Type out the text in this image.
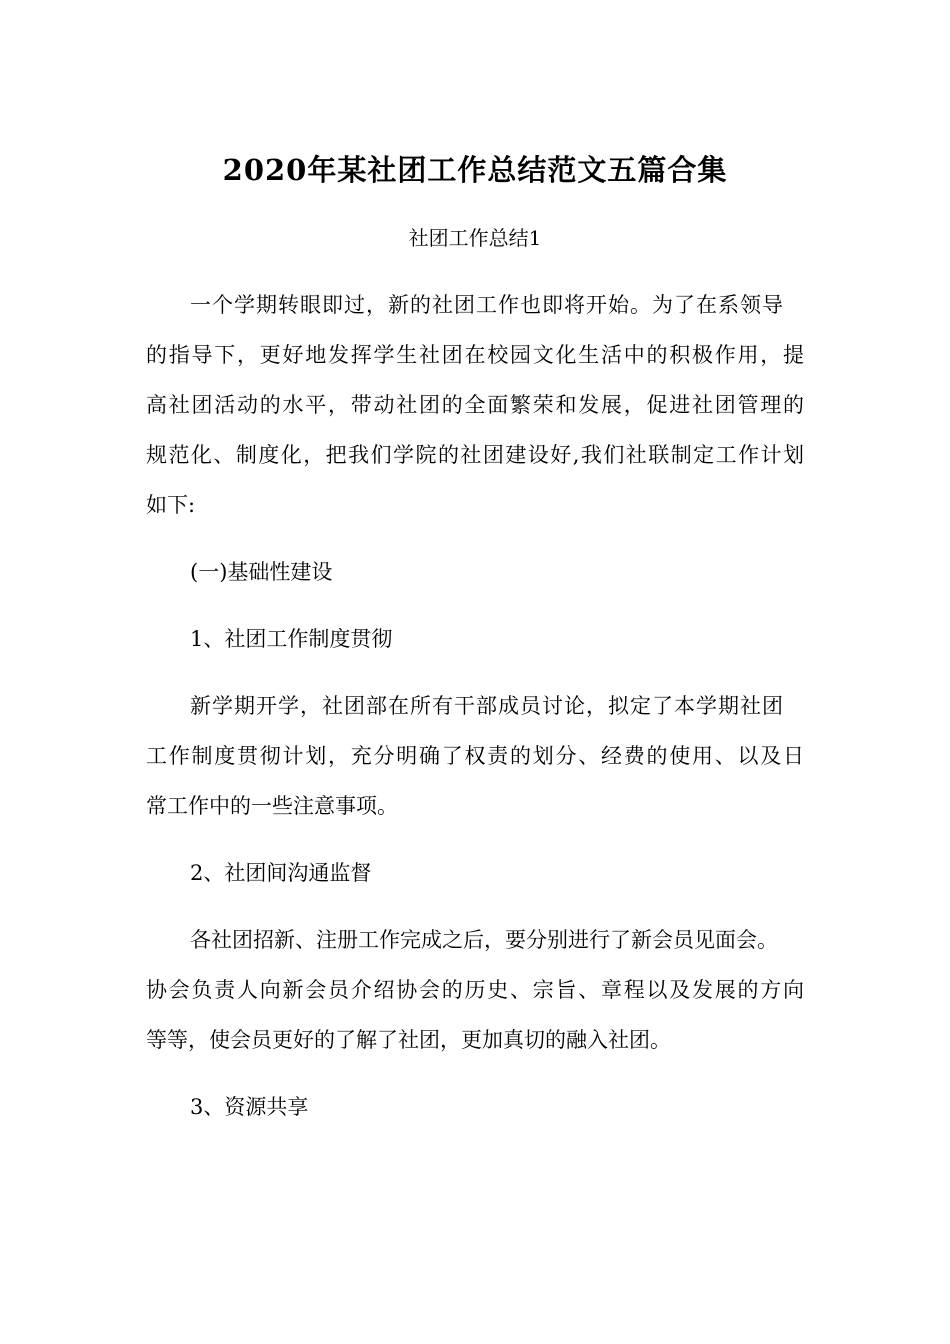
2020年某社团工作总结范文五篇合集
社团工作总结1
一个学期转眼即过，新的社团工作也即将开始。为了在系领导
的指导下，更好地发挥学生社团在校园文化生活中的积极作用，提
高社团活动的水平，带动社团的全面繁荣和发展，促进社团管理的
规范化、制度化，把我们学院的社团建设好,我们社联制定工作计划
如下:
(一)基础性建设
1、社团工作制度贯彻
新学期开学，社团部在所有干部成员讨论，拟定了本学期社团
工作制度贯彻计划，充分明确了权责的划分、经费的使用、以及日
常工作中的一些注意事项。
2、社团间沟通监督
各社团招新、注册工作完成之后，要分别进行了新会员见面会。
协会负责人向新会员介绍协会的历史、宗旨、章程以及发展的方向
等等，使会员更好的了解了社团，更加真切的融入社团。
3、资源共享
